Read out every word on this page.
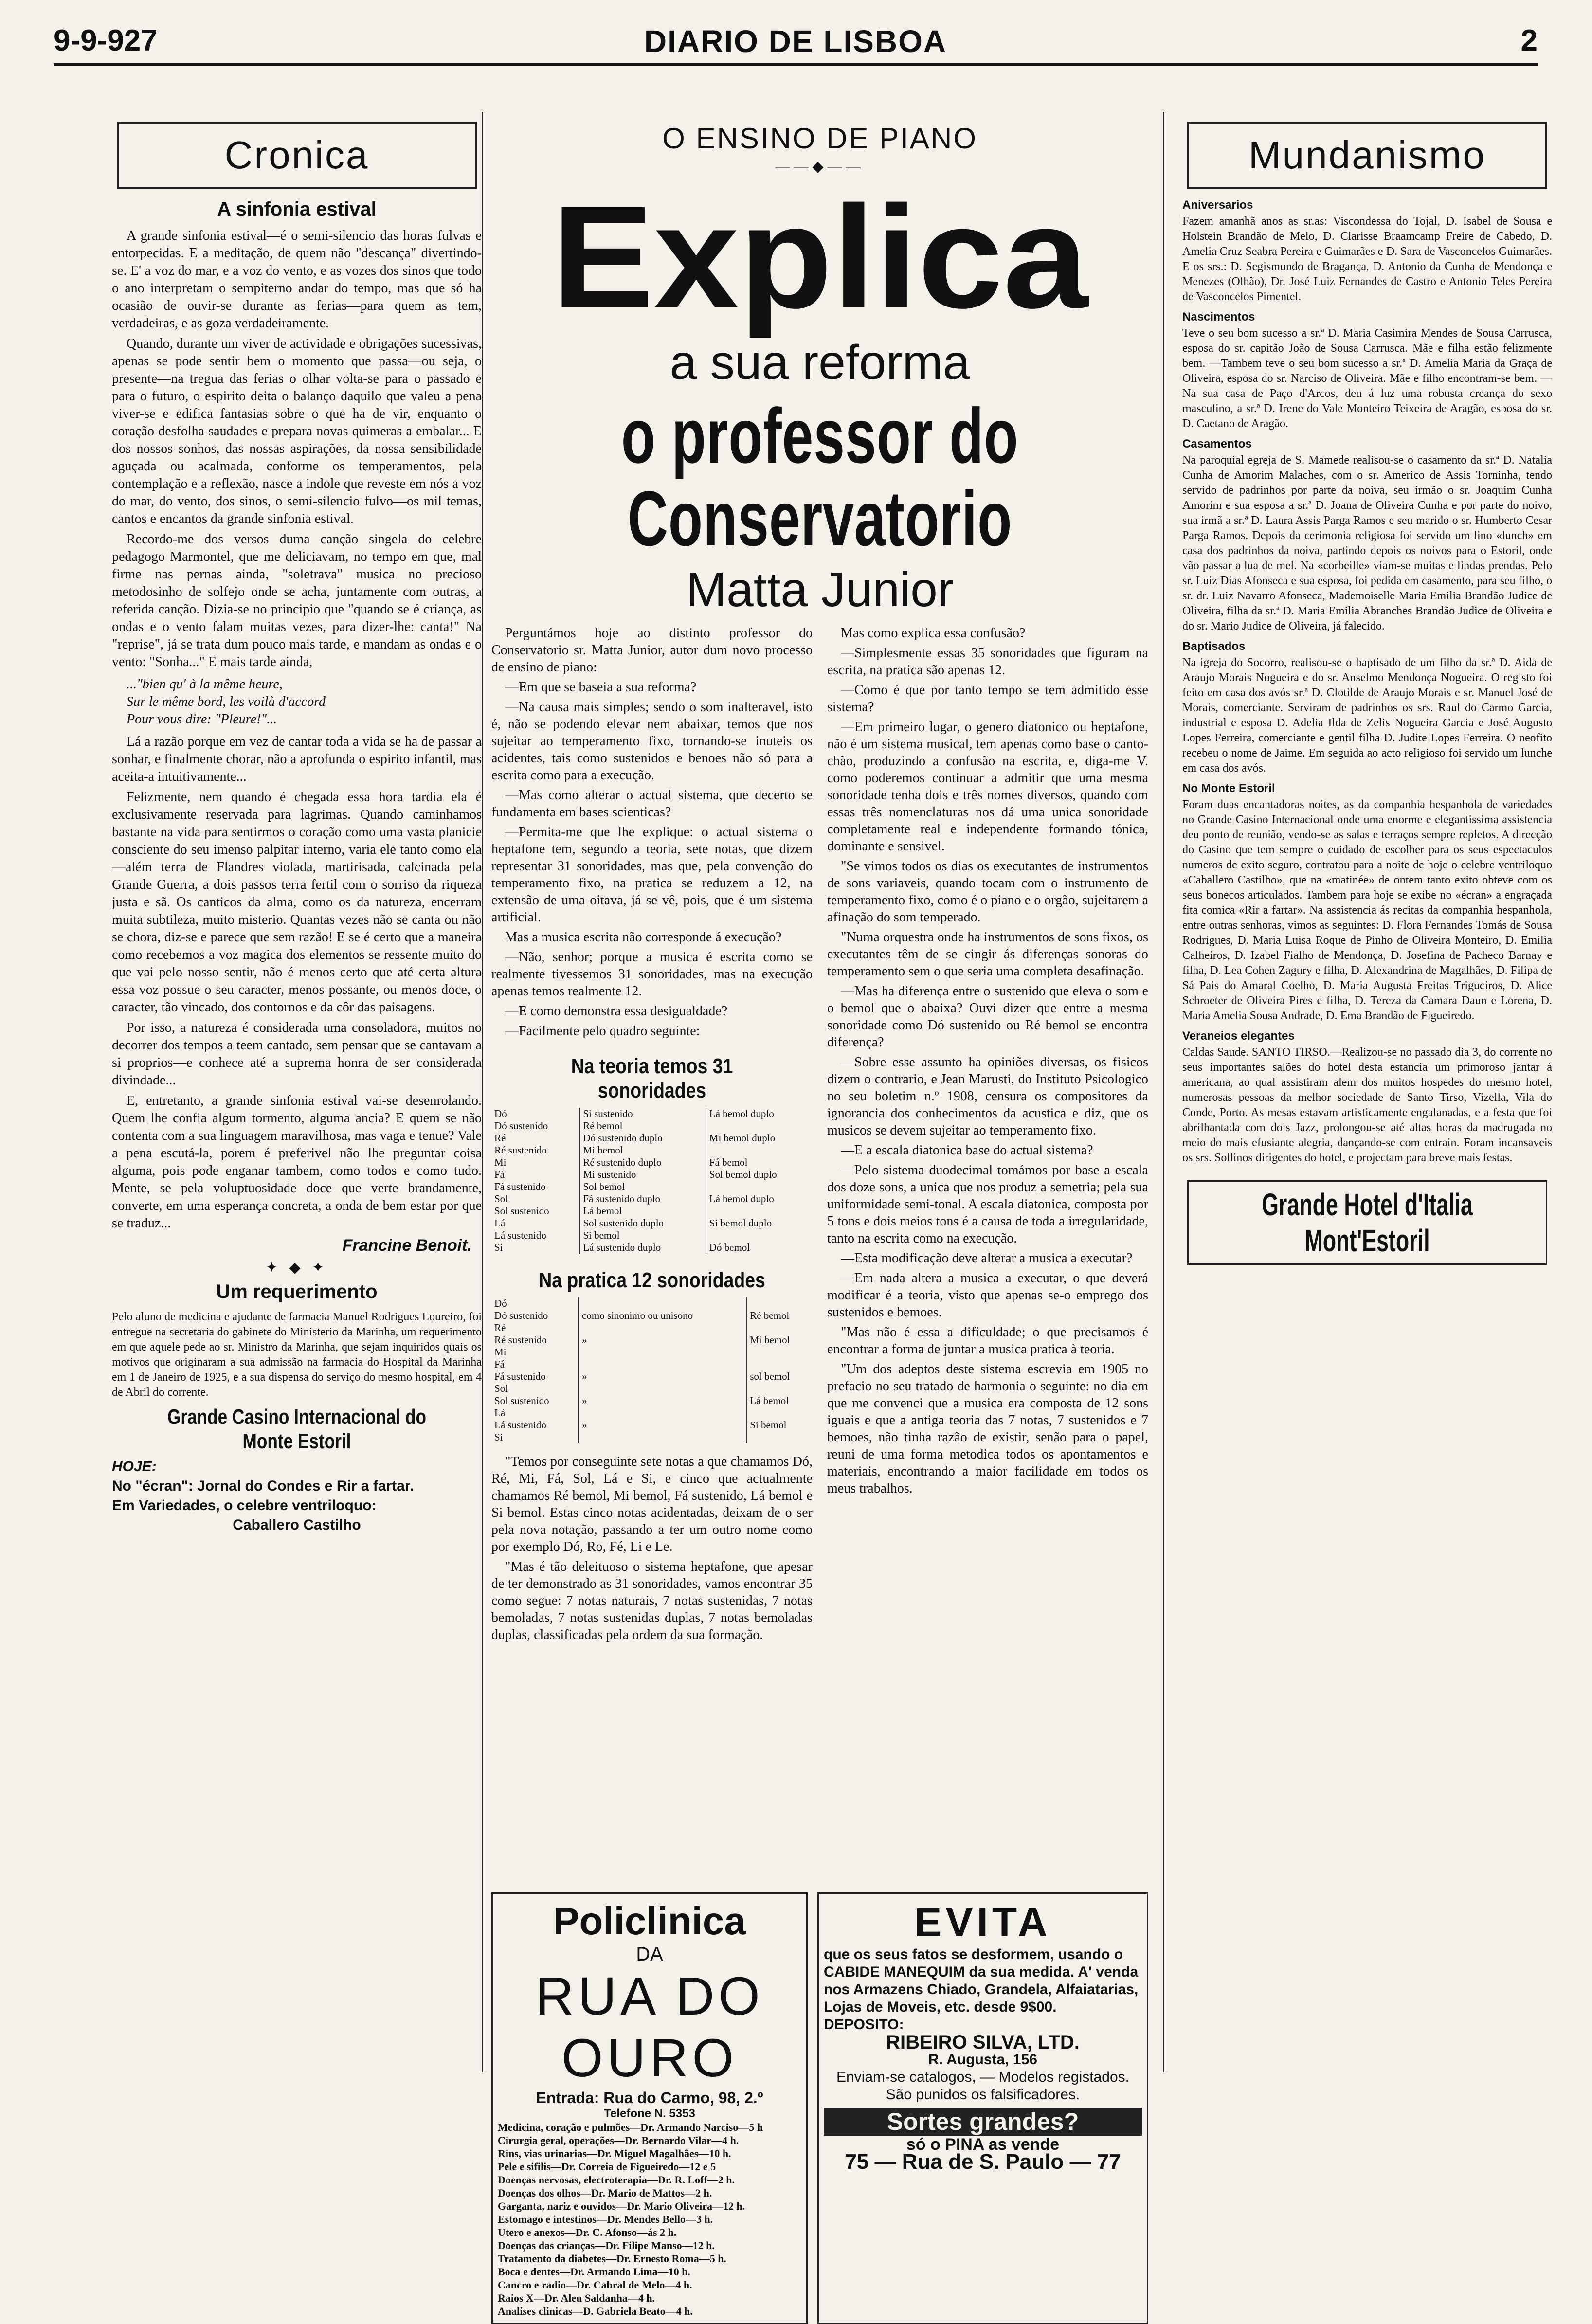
9-9-927	DIARIO DE LISBOA	2
Cronica
A sinfonia estival

A grande sinfonia estival—é o semi-silencio das horas fulvas e entorpecidas. E a meditação, de quem não "descança" divertindo-se. E' a voz do mar, e a voz do vento, e as vozes dos sinos que todo o ano interpretam o sempiterno andar do tempo, mas que só ha ocasião de ouvir-se durante as ferias—para quem as tem, verdadeiras, e as goza verdadeiramente.

Quando, durante um viver de actividade e obrigações sucessivas, apenas se pode sentir bem o momento que passa—ou seja, o presente—na tregua das ferias o olhar volta-se para o passado e para o futuro, o espirito deita o balanço daquilo que valeu a pena viver-se e edifica fantasias sobre o que ha de vir, enquanto o coração desfolha saudades e prepara novas quimeras a embalar... E dos nossos sonhos, das nossas aspirações, da nossa sensibilidade aguçada ou acalmada, conforme os temperamentos, pela contemplação e a reflexão, nasce a indole que reveste em nós a voz do mar, do vento, dos sinos, o semi-silencio fulvo—os mil temas, cantos e encantos da grande sinfonia estival.

Recordo-me dos versos duma canção singela do celebre pedagogo Marmontel, que me deliciavam, no tempo em que, mal firme nas pernas ainda, "soletrava" musica no precioso metodosinho de solfejo onde se acha, juntamente com outras, a referida canção. Dizia-se no principio que "quando se é criança, as ondas e o vento falam muitas vezes, para dizer-lhe: canta!" Na "reprise", já se trata dum pouco mais tarde, e mandam as ondas e o vento: "Sonha..." E mais tarde ainda,

..."bien qu' à la même heure,
Sur le même bord, les voilà d'accord
Pour vous dire: "Pleure!"...

Lá a razão porque em vez de cantar toda a vida se ha de passar a sonhar, e finalmente chorar, não a aprofunda o espirito infantil, mas aceita-a intuitivamente...

Felizmente, nem quando é chegada essa hora tardia ela é exclusivamente reservada para lagrimas. Quando caminhamos bastante na vida para sentirmos o coração como uma vasta planicie consciente do seu imenso palpitar interno, varia ele tanto como ela—além terra de Flandres violada, martirisada, calcinada pela Grande Guerra, a dois passos terra fertil com o sorriso da riqueza justa e sã. Os canticos da alma, como os da natureza, encerram muita subtileza, muito misterio. Quantas vezes não se canta ou não se chora, diz-se e parece que sem razão! E se é certo que a maneira como recebemos a voz magica dos elementos se ressente muito do que vai pelo nosso sentir, não é menos certo que até certa altura essa voz possue o seu caracter, menos possante, ou menos doce, o caracter, tão vincado, dos contornos e da côr das paisagens.

Por isso, a natureza é considerada uma consoladora, muitos no decorrer dos tempos a teem cantado, sem pensar que se cantavam a si proprios—e conhece até a suprema honra de ser considerada divindade...

E, entretanto, a grande sinfonia estival vai-se desenrolando. Quem lhe confia algum tormento, alguma ancia? E quem se não contenta com a sua linguagem maravilhosa, mas vaga e tenue? Vale a pena escutá-la, porem é preferivel não lhe preguntar coisa alguma, pois pode enganar tambem, como todos e como tudo. Mente, se pela voluptuosidade doce que verte brandamente, converte, em uma esperança concreta, a onda de bem estar por que se traduz...

Francine Benoit.
✦ ◆ ✦
Um requerimento

Pelo aluno de medicina e ajudante de farmacia Manuel Rodrigues Loureiro, foi entregue na secretaria do gabinete do Ministerio da Marinha, um requerimento em que aquele pede ao sr. Ministro da Marinha, que sejam inquiridos quais os motivos que originaram a sua admissão na farmacia do Hospital da Marinha em 1 de Janeiro de 1925, e a sua dispensa do serviço do mesmo hospital, em 4 de Abril do corrente.

Grande Casino Internacional do Monte Estoril
HOJE:
No "écran": Jornal do Condes e Rir a fartar.
Em Variedades, o celebre ventriloquo:
Caballero Castilho
O ENSINO DE PIANO
——◆——
Explica
a sua reforma
o professor do Conservatorio
Matta Junior

Perguntámos hoje ao distinto professor do Conservatorio sr. Matta Junior, autor dum novo processo de ensino de piano:

—Em que se baseia a sua reforma?

—Na causa mais simples; sendo o som inalteravel, isto é, não se podendo elevar nem abaixar, temos que nos sujeitar ao temperamento fixo, tornando-se inuteis os acidentes, tais como sustenidos e benoes não só para a escrita como para a execução.

—Mas como alterar o actual sistema, que decerto se fundamenta em bases scienticas?

—Permita-me que lhe explique: o actual sistema o heptafone tem, segundo a teoria, sete notas, que dizem representar 31 sonoridades, mas que, pela convenção do temperamento fixo, na pratica se reduzem a 12, na extensão de uma oitava, já se vê, pois, que é um sistema artificial.

Mas a musica escrita não corresponde á execução?

—Não, senhor; porque a musica é escrita como se realmente tivessemos 31 sonoridades, mas na execução apenas temos realmente 12.

—E como demonstra essa desigualdade?

—Facilmente pelo quadro seguinte:

Na teoria temos 31 sonoridades
Dó	Si sustenido	Lá bemol duplo
Dó sustenido	Ré bemol	
Ré	Dó sustenido duplo	Mi bemol duplo
Ré sustenido	Mi bemol	
Mi	Ré sustenido duplo	Fá bemol
Fá	Mi sustenido	Sol bemol duplo
Fá sustenido	Sol bemol	
Sol	Fá sustenido duplo	Lá bemol duplo
Sol sustenido	Lá bemol	
Lá	Sol sustenido duplo	Si bemol duplo
Lá sustenido	Si bemol	
Si	Lá sustenido duplo	Dó bemol
Na pratica 12 sonoridades
Dó		
Dó sustenido	como sinonimo ou unisono	Ré bemol
Ré		
Ré sustenido	»	Mi bemol
Mi		
Fá		
Fá sustenido	»	sol bemol
Sol		
Sol sustenido	»	Lá bemol
Lá		
Lá sustenido	»	Si bemol
Si		

"Temos por conseguinte sete notas a que chamamos Dó, Ré, Mi, Fá, Sol, Lá e Si, e cinco que actualmente chamamos Ré bemol, Mi bemol, Fá sustenido, Lá bemol e Si bemol. Estas cinco notas acidentadas, deixam de o ser pela nova notação, passando a ter um outro nome como por exemplo Dó, Ro, Fé, Li e Le.

"Mas é tão deleituoso o sistema heptafone, que apesar de ter demonstrado as 31 sonoridades, vamos encontrar 35 como segue: 7 notas naturais, 7 notas sustenidas, 7 notas bemoladas, 7 notas sustenidas duplas, 7 notas bemoladas duplas, classificadas pela ordem da sua formação.

Mas como explica essa confusão?

—Simplesmente essas 35 sonoridades que figuram na escrita, na pratica são apenas 12.

—Como é que por tanto tempo se tem admitido esse sistema?

—Em primeiro lugar, o genero diatonico ou heptafone, não é um sistema musical, tem apenas como base o canto-chão, produzindo a confusão na escrita, e, diga-me V. como poderemos continuar a admitir que uma mesma sonoridade tenha dois e três nomes diversos, quando com essas três nomenclaturas nos dá uma unica sonoridade completamente real e independente formando tónica, dominante e sensivel.

"Se vimos todos os dias os executantes de instrumentos de sons variaveis, quando tocam com o instrumento de temperamento fixo, como é o piano e o orgão, sujeitarem a afinação do som temperado.

"Numa orquestra onde ha instrumentos de sons fixos, os executantes têm de se cingir ás diferenças sonoras do temperamento sem o que seria uma completa desafinação.

—Mas ha diferença entre o sustenido que eleva o som e o bemol que o abaixa? Ouvi dizer que entre a mesma sonoridade como Dó sustenido ou Ré bemol se encontra diferença?

—Sobre esse assunto ha opiniões diversas, os fisicos dizem o contrario, e Jean Marusti, do Instituto Psicologico no seu boletim n.º 1908, censura os compositores da ignorancia dos conhecimentos da acustica e diz, que os musicos se devem sujeitar ao temperamento fixo.

—E a escala diatonica base do actual sistema?

—Pelo sistema duodecimal tomámos por base a escala dos doze sons, a unica que nos produz a semetria; pela sua uniformidade semi-tonal. A escala diatonica, composta por 5 tons e dois meios tons é a causa de toda a irregularidade, tanto na escrita como na execução.

—Esta modificação deve alterar a musica a executar?

—Em nada altera a musica a executar, o que deverá modificar é a teoria, visto que apenas se-o emprego dos sustenidos e bemoes.

"Mas não é essa a dificuldade; o que precisamos é encontrar a forma de juntar a musica pratica à teoria.

"Um dos adeptos deste sistema escrevia em 1905 no prefacio no seu tratado de harmonia o seguinte: no dia em que me convenci que a musica era composta de 12 sons iguais e que a antiga teoria das 7 notas, 7 sustenidos e 7 bemoes, não tinha razão de existir, senão para o papel, reuni de uma forma metodica todos os apontamentos e materiais, encontrando a maior facilidade em todos os meus trabalhos.

Policlinica
DA
RUA DO OURO
Entrada: Rua do Carmo, 98, 2.º
Telefone N. 5353
Medicina, coração e pulmões—Dr. Armando Narciso—5 h
Cirurgia geral, operações—Dr. Bernardo Vilar—4 h.
Rins, vias urinarias—Dr. Miguel Magalhães—10 h.
Pele e sifilis—Dr. Correia de Figueiredo—12 e 5
Doenças nervosas, electroterapia—Dr. R. Loff—2 h.
Doenças dos olhos—Dr. Mario de Mattos—2 h.
Garganta, nariz e ouvidos—Dr. Mario Oliveira—12 h.
Estomago e intestinos—Dr. Mendes Bello—3 h.
Utero e anexos—Dr. C. Afonso—ás 2 h.
Doenças das crianças—Dr. Filipe Manso—12 h.
Tratamento da diabetes—Dr. Ernesto Roma—5 h.
Boca e dentes—Dr. Armando Lima—10 h.
Cancro e radio—Dr. Cabral de Melo—4 h.
Raios X—Dr. Aleu Saldanha—4 h.
Analises clinicas—D. Gabriela Beato—4 h.
EVITA
que os seus fatos se desformem, usando o CABIDE MANEQUIM da sua medida. A' venda nos Armazens Chiado, Grandela, Alfaiatarias, Lojas de Moveis, etc. desde 9$00.
DEPOSITO:
RIBEIRO SILVA, LTD.
R. Augusta, 156
Enviam-se catalogos, — Modelos registados. São punidos os falsificadores.
Sortes grandes?
só o PINA as vende
75 — Rua de S. Paulo — 77
Mundanismo
Aniversarios

Fazem amanhã anos as sr.as: Viscondessa do Tojal, D. Isabel de Sousa e Holstein Brandão de Melo, D. Clarisse Braamcamp Freire de Cabedo, D. Amelia Cruz Seabra Pereira e Guimarães e D. Sara de Vasconcelos Guimarães. E os srs.: D. Segismundo de Bragança, D. Antonio da Cunha de Mendonça e Menezes (Olhão), Dr. José Luiz Fernandes de Castro e Antonio Teles Pereira de Vasconcelos Pimentel.

Nascimentos

Teve o seu bom sucesso a sr.ª D. Maria Casimira Mendes de Sousa Carrusca, esposa do sr. capitão João de Sousa Carrusca. Mãe e filha estão felizmente bem. —Tambem teve o seu bom sucesso a sr.ª D. Amelia Maria da Graça de Oliveira, esposa do sr. Narciso de Oliveira. Mãe e filho encontram-se bem. —Na sua casa de Paço d'Arcos, deu á luz uma robusta creança do sexo masculino, a sr.ª D. Irene do Vale Monteiro Teixeira de Aragão, esposa do sr. D. Caetano de Aragão.

Casamentos

Na paroquial egreja de S. Mamede realisou-se o casamento da sr.ª D. Natalia Cunha de Amorim Malaches, com o sr. Americo de Assis Torninha, tendo servido de padrinhos por parte da noiva, seu irmão o sr. Joaquim Cunha Amorim e sua esposa a sr.ª D. Joana de Oliveira Cunha e por parte do noivo, sua irmã a sr.ª D. Laura Assis Parga Ramos e seu marido o sr. Humberto Cesar Parga Ramos. Depois da cerimonia religiosa foi servido um lino «lunch» em casa dos padrinhos da noiva, partindo depois os noivos para o Estoril, onde vão passar a lua de mel. Na «corbeille» viam-se muitas e lindas prendas. Pelo sr. Luiz Dias Afonseca e sua esposa, foi pedida em casamento, para seu filho, o sr. dr. Luiz Navarro Afonseca, Mademoiselle Maria Emilia Brandão Judice de Oliveira, filha da sr.ª D. Maria Emilia Abranches Brandão Judice de Oliveira e do sr. Mario Judice de Oliveira, já falecido.

Baptisados

Na igreja do Socorro, realisou-se o baptisado de um filho da sr.ª D. Aida de Araujo Morais Nogueira e do sr. Anselmo Mendonça Nogueira. O registo foi feito em casa dos avós sr.ª D. Clotilde de Araujo Morais e sr. Manuel José de Morais, comerciante. Serviram de padrinhos os srs. Raul do Carmo Garcia, industrial e esposa D. Adelia Ilda de Zelis Nogueira Garcia e José Augusto Lopes Ferreira, comerciante e gentil filha D. Judite Lopes Ferreira. O neofito recebeu o nome de Jaime. Em seguida ao acto religioso foi servido um lunche em casa dos avós.

No Monte Estoril

Foram duas encantadoras noites, as da companhia hespanhola de variedades no Grande Casino Internacional onde uma enorme e elegantissima assistencia deu ponto de reunião, vendo-se as salas e terraços sempre repletos. A direcção do Casino que tem sempre o cuidado de escolher para os seus espectaculos numeros de exito seguro, contratou para a noite de hoje o celebre ventriloquo «Caballero Castilho», que na «matinée» de ontem tanto exito obteve com os seus bonecos articulados. Tambem para hoje se exibe no «écran» a engraçada fita comica «Rir a fartar». Na assistencia ás recitas da companhia hespanhola, entre outras senhoras, vimos as seguintes: D. Flora Fernandes Tomás de Sousa Rodrigues, D. Maria Luisa Roque de Pinho de Oliveira Monteiro, D. Emilia Calheiros, D. Izabel Fialho de Mendonça, D. Josefina de Pacheco Barnay e filha, D. Lea Cohen Zagury e filha, D. Alexandrina de Magalhães, D. Filipa de Sá Pais do Amaral Coelho, D. Maria Augusta Freitas Triguciros, D. Alice Schroeter de Oliveira Pires e filha, D. Tereza da Camara Daun e Lorena, D. Maria Amelia Sousa Andrade, D. Ema Brandão de Figueiredo.

Veraneios elegantes

Caldas Saude. SANTO TIRSO.—Realizou-se no passado dia 3, do corrente no seus importantes salões do hotel desta estancia um primoroso jantar á americana, ao qual assistiram alem dos muitos hospedes do mesmo hotel, numerosas pessoas da melhor sociedade de Santo Tirso, Vizella, Vila do Conde, Porto. As mesas estavam artisticamente engalanadas, e a festa que foi abrilhantada com dois Jazz, prolongou-se até altas horas da madrugada no meio do mais efusiante alegria, dançando-se com entrain. Foram incansaveis os srs. Sollinos dirigentes do hotel, e projectam para breve mais festas.

Grande Hotel d'Italia
Mont'Estoril
